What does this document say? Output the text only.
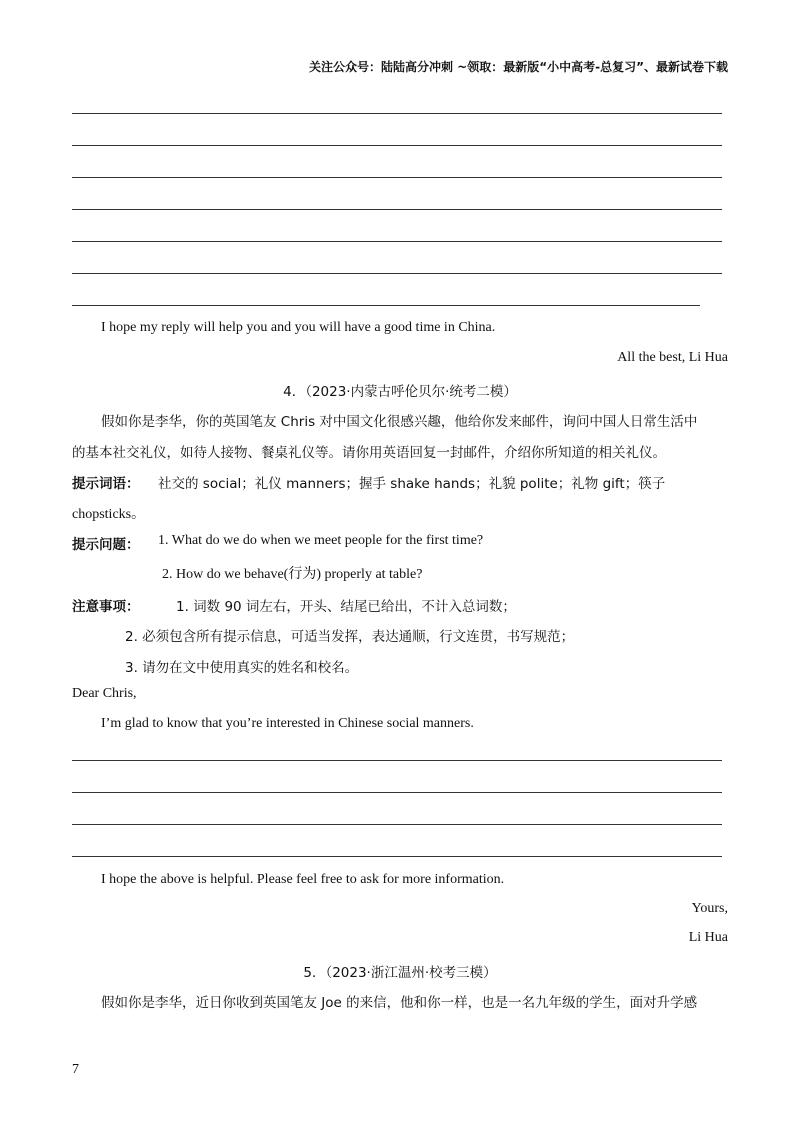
关注公众号：陆陆高分冲刺 ~领取：最新版“小中高考-总复习”、最新试卷下载
I hope my reply will help you and you will have a good time in China.
All the best, Li Hua
4．（2023·内蒙古呼伦贝尔·统考二模）
假如你是李华，你的英国笔友 Chris 对中国文化很感兴趣，他给你发来邮件，询问中国人日常生活中
的基本社交礼仪，如待人接物、餐桌礼仪等。请你用英语回复一封邮件，介绍你所知道的相关礼仪。
提示词语： 社交的 social；礼仪 manners；握手 shake hands；礼貌 polite；礼物 gift；筷子
chopsticks。
提示问题： 1. What do we do when we meet people for the first time?
2. How do we behave(行为) properly at table?
注意事项：	1. 词数 90 词左右，开头、结尾已给出，不计入总词数；
2. 必须包含所有提示信息，可适当发挥，表达通顺，行文连贯，书写规范；
3. 请勿在文中使用真实的姓名和校名。
Dear Chris,
I’m glad to know that you’re interested in Chinese social manners.
I hope the above is helpful. Please feel free to ask for more information.
Yours,
Li Hua
5．（2023·浙江温州·校考三模）
假如你是李华，近日你收到英国笔友 Joe 的来信，他和你一样，也是一名九年级的学生，面对升学感
7
